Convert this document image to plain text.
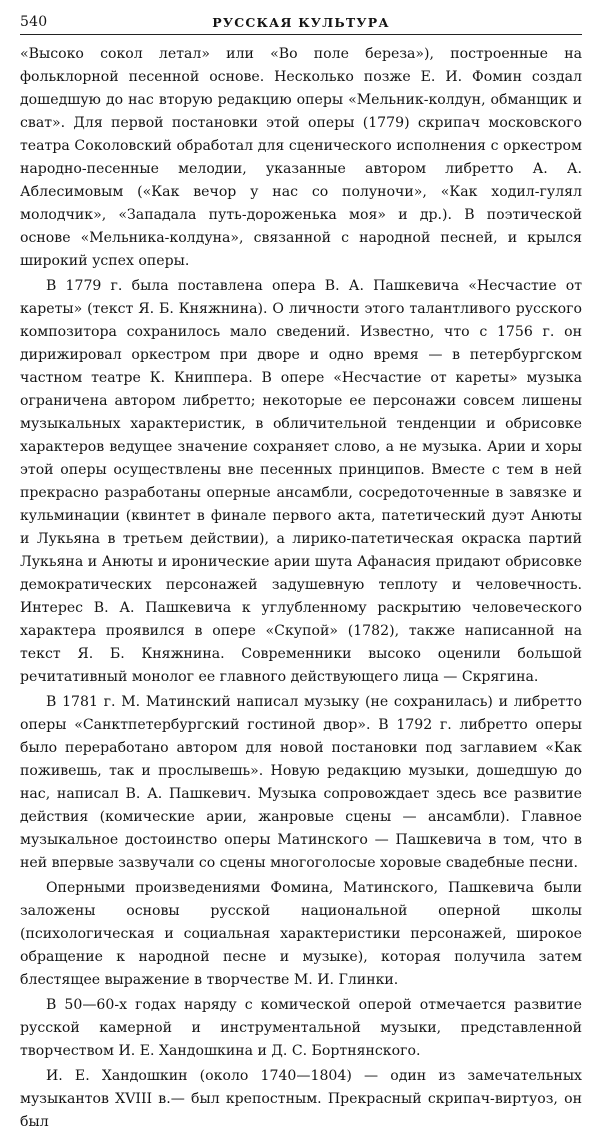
540	РУССКАЯ КУЛЬТУРА

«Высоко сокол летал» или «Во поле береза»), построенные на фольклорной песенной основе. Несколько позже Е. И. Фомин создал дошедшую до нас вторую редакцию оперы «Мельник-колдун, обманщик и сват». Для первой постановки этой оперы (1779) скрипач московского театра Соколовский обработал для сценического исполнения с оркестром народно-песенные мелодии, указанные автором либретто А. А. Аблесимовым («Как вечор у нас со полуночи», «Как ходил-гулял молодчик», «Западала путь-дороженька моя» и др.). В поэтической основе «Мельника-колдуна», связанной с народной песней, и крылся широкий успех оперы.

В 1779 г. была поставлена опера В. А. Пашкевича «Несчастие от кареты» (текст Я. Б. Княжнина). О личности этого талантливого русского композитора сохранилось мало сведений. Известно, что с 1756 г. он дирижировал оркестром при дворе и одно время — в петербургском частном театре К. Книппера. В опере «Несчастие от кареты» музыка ограничена автором либретто; некоторые ее персонажи совсем лишены музыкальных характеристик, в обличительной тенденции и обрисовке характеров ведущее значение сохраняет слово, а не музыка. Арии и хоры этой оперы осуществлены вне песенных принципов. Вместе с тем в ней прекрасно разработаны оперные ансамбли, сосредоточенные в завязке и кульминации (квинтет в финале первого акта, патетический дуэт Анюты и Лукьяна в третьем действии), а лирико-патетическая окраска партий Лукьяна и Анюты и иронические арии шута Афанасия придают обрисовке демократических персонажей задушевную теплоту и человечность. Интерес В. А. Пашкевича к углубленному раскрытию человеческого характера проявился в опере «Скупой» (1782), также написанной на текст Я. Б. Княжнина. Современники высоко оценили большой речитативный монолог ее главного действующего лица — Скрягина.

В 1781 г. М. Матинский написал музыку (не сохранилась) и либретто оперы «Санктпетербургский гостиной двор». В 1792 г. либретто оперы было переработано автором для новой постановки под заглавием «Как поживешь, так и прослывешь». Новую редакцию музыки, дошедшую до нас, написал В. А. Пашкевич. Музыка сопровождает здесь все развитие действия (комические арии, жанровые сцены — ансамбли). Главное музыкальное достоинство оперы Матинского — Пашкевича в том, что в ней впервые зазвучали со сцены многоголосые хоровые свадебные песни.

Оперными произведениями Фомина, Матинского, Пашкевича были заложены основы русской национальной оперной школы (психологическая и социальная характеристики персонажей, широкое обращение к народной песне и музыке), которая получила затем блестящее выражение в творчестве М. И. Глинки.

В 50—60-х годах наряду с комической оперой отмечается развитие русской камерной и инструментальной музыки, представленной творчеством И. Е. Хандошкина и Д. С. Бортнянского.

И. Е. Хандошкин (около 1740—1804) — один из замечательных музыкантов XVIII в.— был крепостным. Прекрасный скрипач-виртуоз, он был
